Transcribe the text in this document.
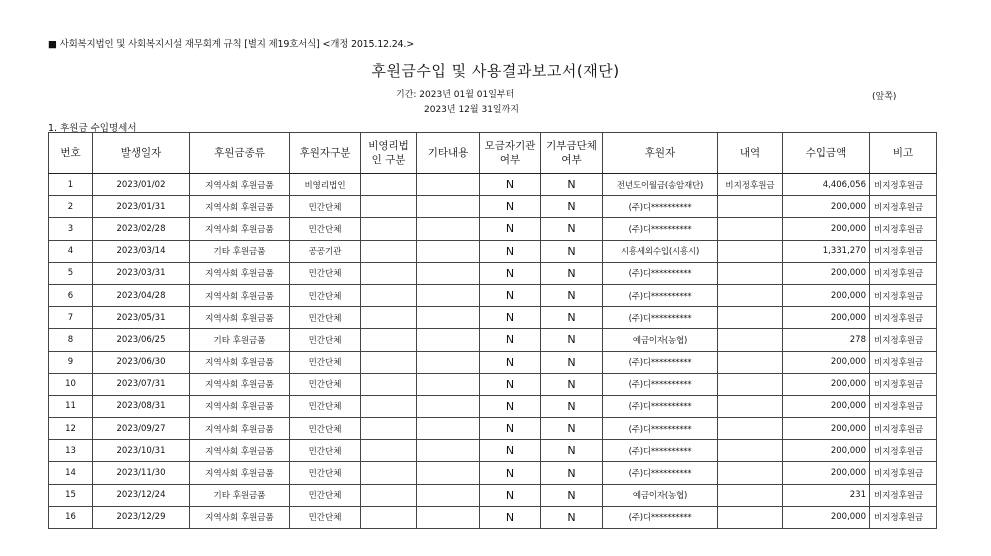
■ 사회복지법인 및 사회복지시설 재무회계 규칙 [별지 제19호서식] <개정 2015.12.24.>
후원금수입 및 사용결과보고서(재단)
기간: 2023년 01월 01일부터
2023년 12월 31일까지
(앞쪽)
1. 후원금 수입명세서
번호	발생일자	후원금종류	후원자구분	비영리법인 구분	기타내용	모금자기관 여부	기부금단체 여부	후원자	내역	수입금액	비고
1	2023/01/02	지역사회 후원금품	비영리법인			N	N	전년도이월금(송암재단)	비지정후원금	4,406,056	비지정후원금
2	2023/01/31	지역사회 후원금품	민간단체			N	N	(주)디**********		200,000	비지정후원금
3	2023/02/28	지역사회 후원금품	민간단체			N	N	(주)디**********		200,000	비지정후원금
4	2023/03/14	기타 후원금품	공공기관			N	N	시흥세외수입(시흥시)		1,331,270	비지정후원금
5	2023/03/31	지역사회 후원금품	민간단체			N	N	(주)디**********		200,000	비지정후원금
6	2023/04/28	지역사회 후원금품	민간단체			N	N	(주)디**********		200,000	비지정후원금
7	2023/05/31	지역사회 후원금품	민간단체			N	N	(주)디**********		200,000	비지정후원금
8	2023/06/25	기타 후원금품	민간단체			N	N	예금이자(농협)		278	비지정후원금
9	2023/06/30	지역사회 후원금품	민간단체			N	N	(주)디**********		200,000	비지정후원금
10	2023/07/31	지역사회 후원금품	민간단체			N	N	(주)디**********		200,000	비지정후원금
11	2023/08/31	지역사회 후원금품	민간단체			N	N	(주)디**********		200,000	비지정후원금
12	2023/09/27	지역사회 후원금품	민간단체			N	N	(주)디**********		200,000	비지정후원금
13	2023/10/31	지역사회 후원금품	민간단체			N	N	(주)디**********		200,000	비지정후원금
14	2023/11/30	지역사회 후원금품	민간단체			N	N	(주)디**********		200,000	비지정후원금
15	2023/12/24	기타 후원금품	민간단체			N	N	예금이자(농협)		231	비지정후원금
16	2023/12/29	지역사회 후원금품	민간단체			N	N	(주)디**********		200,000	비지정후원금
